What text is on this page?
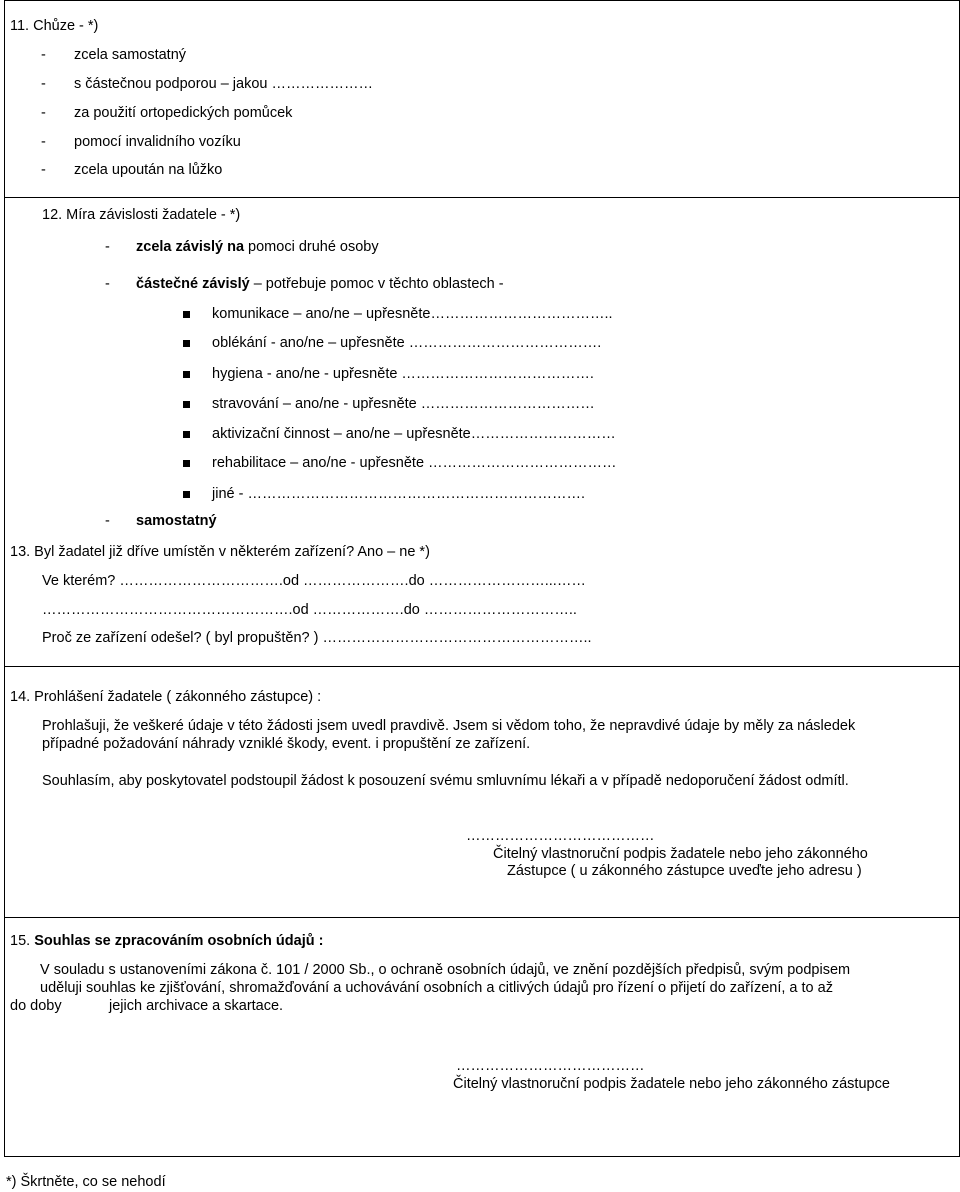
11. Chůze - *)
- zcela samostatný
- s částečnou podporou – jakou …………………
- za použití ortopedických pomůcek
- pomocí invalidního vozíku
- zcela upoután na lůžko
12. Míra závislosti žadatele - *)
- zcela závislý na pomoci druhé osoby
- částečné závislý – potřebuje pomoc v těchto oblastech -
komunikace – ano/ne – upřesněte………………………………..
oblékání - ano/ne – upřesněte ………………………………….
hygiena - ano/ne - upřesněte ………………………………….
stravování – ano/ne - upřesněte ………………………………
aktivizační činnost – ano/ne – upřesněte…………………………
rehabilitace – ano/ne - upřesněte …………………………………
jiné - …………………………………………………………….
- samostatný
13. Byl žadatel již dříve umístěn v některém zařízení? Ano – ne *)
Ve kterém? …………………………….od ………………….do ……………………...……
…………………………………………….od ……………….do …………………………..
Proč ze zařízení odešel? ( byl propuštěn? ) ………………………………………………..
14. Prohlášení žadatele ( zákonného zástupce) :
Prohlašuji, že veškeré údaje v této žádosti jsem uvedl pravdivě. Jsem si vědom toho, že nepravdivé údaje by měly za následek
případné požadování náhrady vzniklé škody, event. i propuštění ze zařízení.
Souhlasím, aby poskytovatel podstoupil žádost k posouzení svému smluvnímu lékaři a v případě nedoporučení žádost odmítl.
…………………………………
Čitelný vlastnoruční podpis žadatele nebo jeho zákonného
Zástupce ( u zákonného zástupce uveďte jeho adresu )
15. Souhlas se zpracováním osobních údajů :
V souladu s ustanoveními zákona č. 101 / 2000 Sb., o ochraně osobních údajů, ve znění pozdějších předpisů, svým podpisem
uděluji souhlas ke zjišťování, shromažďování a uchovávání osobních a citlivých údajů pro řízení o přijetí do zařízení, a to až
do doby	jejich archivace a skartace.
…………………………………
Čitelný vlastnoruční podpis žadatele nebo jeho zákonného zástupce
*) Škrtněte, co se nehodí
